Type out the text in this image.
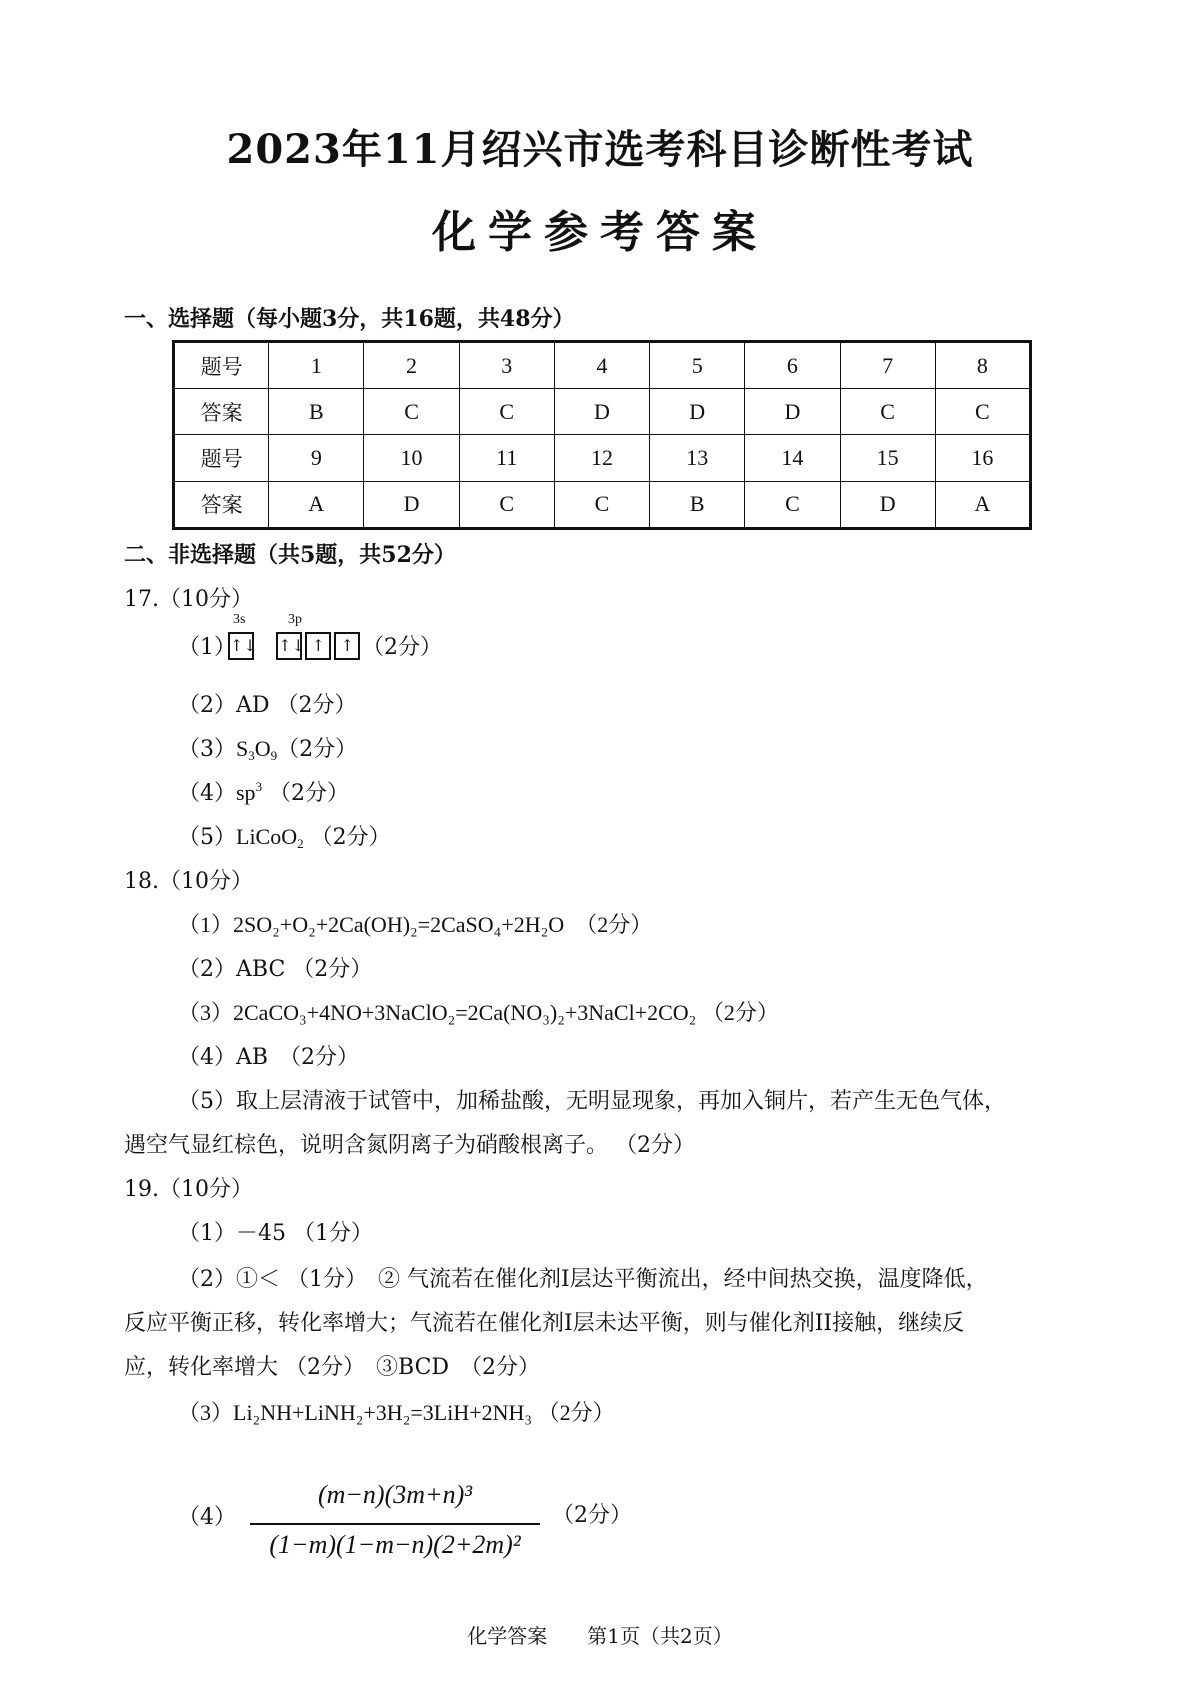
2023年11月绍兴市选考科目诊断性考试
化学参考答案
一、选择题（每小题3分，共16题，共48分）
题号	1	2	3	4	5	6	7	8
答案	B	C	C	D	D	D	C	C
题号	9	10	11	12	13	14	15	16
答案	A	D	C	C	B	C	D	A
二、非选择题（共5题，共52分）
17.（10分）
（1）
3s	3p
↑↓ ↑↓ ↑ ↑ （2分）
（2）AD （2分）
$(3)S_3O_9(2$分）
$(4)sp^3$ （2分）
（5）LiCoO$_2$ （2分）
18.（10分）
（1）2SO₂+O₂+2Ca(OH)₂=2CaSO₄+2H₂O　（2分）
（2）ABC （2分）
（3）2CaCO₃+4NO+3NaClO₂=2Ca(NO₃)₂+3NaCl+2CO₂ （2分）
（4）AB　（2分）
（5）取上层清液于试管中，加稀盐酸，无明显现象，再加入铜片，若产生无色气体，
遇空气显红棕色，说明含氮阴离子为硝酸根离子。 （2分）
19.（10分）
（1）－45 （1分）
（2）①＜ （1分）　② 气流若在催化剂I层达平衡流出，经中间热交换，温度降低，
反应平衡正移，转化率增大；气流若在催化剂I层未达平衡，则与催化剂II接触，继续反
应，转化率增大 （2分）　③BCD　（2分）
（3）Li₂NH+LiNH₂+3H₂=3LiH+2NH₃ （2分）
（4）
(m−n)(3m+n)³
(1−m)(1−m−n)(2+2m)²
（2分）
化学答案　　第1页（共2页）
